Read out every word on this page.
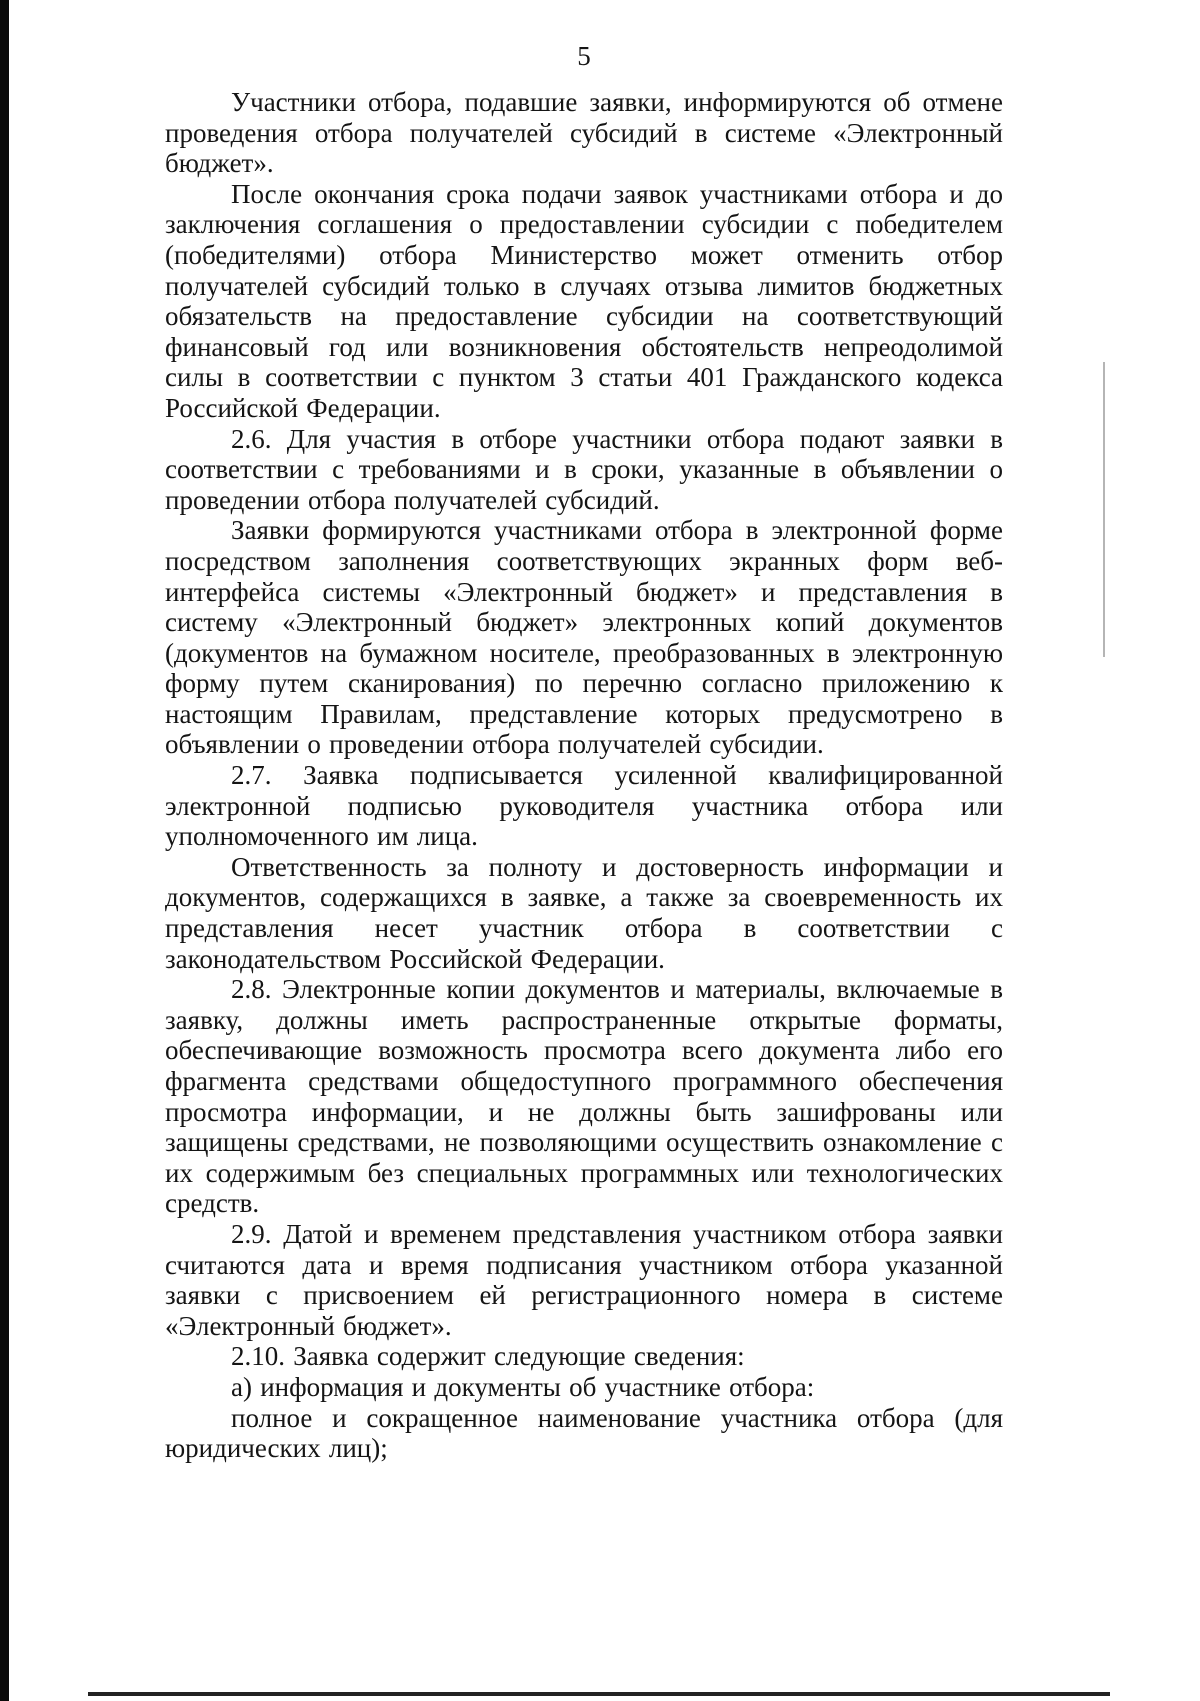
5

Участники отбора, подавшие заявки, информируются об отмене проведения отбора получателей субсидий в системе «Электронный бюджет».

После окончания срока подачи заявок участниками отбора и до заключения соглашения о предоставлении субсидии с победителем (победителями) отбора Министерство может отменить отбор получателей субсидий только в случаях отзыва лимитов бюджетных обязательств на предоставление субсидии на соответствующий финансовый год или возникновения обстоятельств непреодолимой силы в соответствии с пунктом 3 статьи 401 Гражданского кодекса Российской Федерации.

2.6. Для участия в отборе участники отбора подают заявки в соответствии с требованиями и в сроки, указанные в объявлении о проведении отбора получателей субсидий.

Заявки формируются участниками отбора в электронной форме посредством заполнения соответствующих экранных форм веб-интерфейса системы «Электронный бюджет» и представления в систему «Электронный бюджет» электронных копий документов (документов на бумажном носителе, преобразованных в электронную форму путем сканирования) по перечню согласно приложению к настоящим Правилам, представление которых предусмотрено в объявлении о проведении отбора получателей субсидии.

2.7. Заявка подписывается усиленной квалифицированной электронной подписью руководителя участника отбора или уполномоченного им лица.

Ответственность за полноту и достоверность информации и документов, содержащихся в заявке, а также за своевременность их представления несет участник отбора в соответствии с законодательством Российской Федерации.

2.8. Электронные копии документов и материалы, включаемые в заявку, должны иметь распространенные открытые форматы, обеспечивающие возможность просмотра всего документа либо его фрагмента средствами общедоступного программного обеспечения просмотра информации, и не должны быть зашифрованы или защищены средствами, не позволяющими осуществить ознакомление с их содержимым без специальных программных или технологических средств.

2.9. Датой и временем представления участником отбора заявки считаются дата и время подписания участником отбора указанной заявки с присвоением ей регистрационного номера в системе «Электронный бюджет».

2.10. Заявка содержит следующие сведения:

а) информация и документы об участнике отбора:

полное и сокращенное наименование участника отбора (для юридических лиц);
